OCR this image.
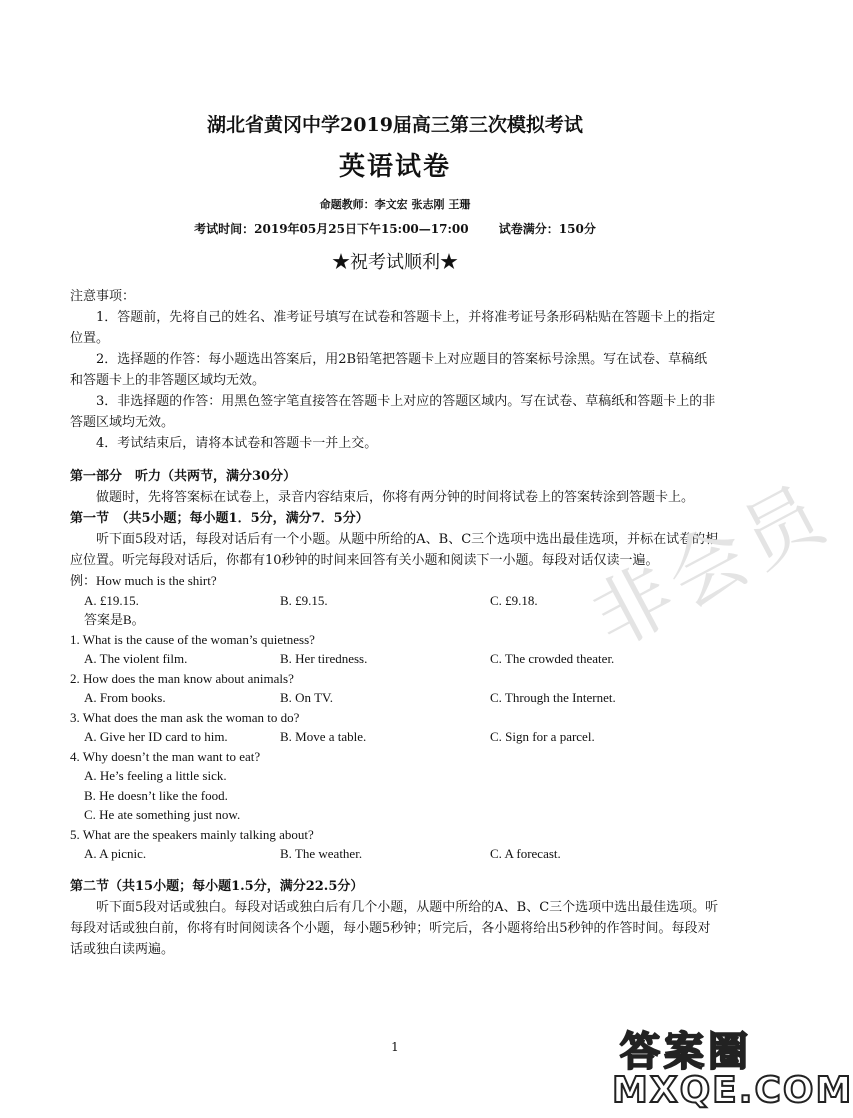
湖北省黄冈中学2019届高三第三次模拟考试
英语试卷
命题教师：李文宏 张志刚 王珊
考试时间：2019年05月25日下午15:00—17:00	试卷满分：150分
★祝考试顺利★

注意事项：

1．答题前，先将自己的姓名、准考证号填写在试卷和答题卡上，并将准考证号条形码粘贴在答题卡上的指定位置。

2．选择题的作答：每小题选出答案后，用2B铅笔把答题卡上对应题目的答案标号涂黑。写在试卷、草稿纸和答题卡上的非答题区域均无效。

3．非选择题的作答：用黑色签字笔直接答在答题卡上对应的答题区域内。写在试卷、草稿纸和答题卡上的非答题区域均无效。

4．考试结束后，请将本试卷和答题卡一并上交。

第一部分　听力（共两节，满分30分）

做题时，先将答案标在试卷上，录音内容结束后，你将有两分钟的时间将试卷上的答案转涂到答题卡上。

第一节　（共5小题；每小题1．5分，满分7．5分）

听下面5段对话，每段对话后有一个小题。从题中所给的A、B、C三个选项中选出最佳选项，并标在试卷的相应位置。听完每段对话后，你都有10秒钟的时间来回答有关小题和阅读下一小题。每段对话仅读一遍。

例：How much is the shirt?

A. £19.15.	B. £9.15.	C. £9.18.

答案是B。

1. What is the cause of the woman’s quietness?

A. The violent film.	B. Her tiredness.	C. The crowded theater.

2. How does the man know about animals?

A. From books.	B. On TV.	C. Through the Internet.

3. What does the man ask the woman to do?

A. Give her ID card to him.	B. Move a table.	C. Sign for a parcel.

4. Why doesn’t the man want to eat?

A. He’s feeling a little sick.

B. He doesn’t like the food.

C. He ate something just now.

5. What are the speakers mainly talking about?

A. A picnic.	B. The weather.	C. A forecast.

第二节（共15小题；每小题1.5分，满分22.5分）

听下面5段对话或独白。每段对话或独白后有几个小题，从题中所给的A、B、C三个选项中选出最佳选项。听每段对话或独白前，你将有时间阅读各个小题，每小题5秒钟；听完后，各小题将给出5秒钟的作答时间。每段对话或独白读两遍。

1
非会员
答案圈
MXQE.COM
